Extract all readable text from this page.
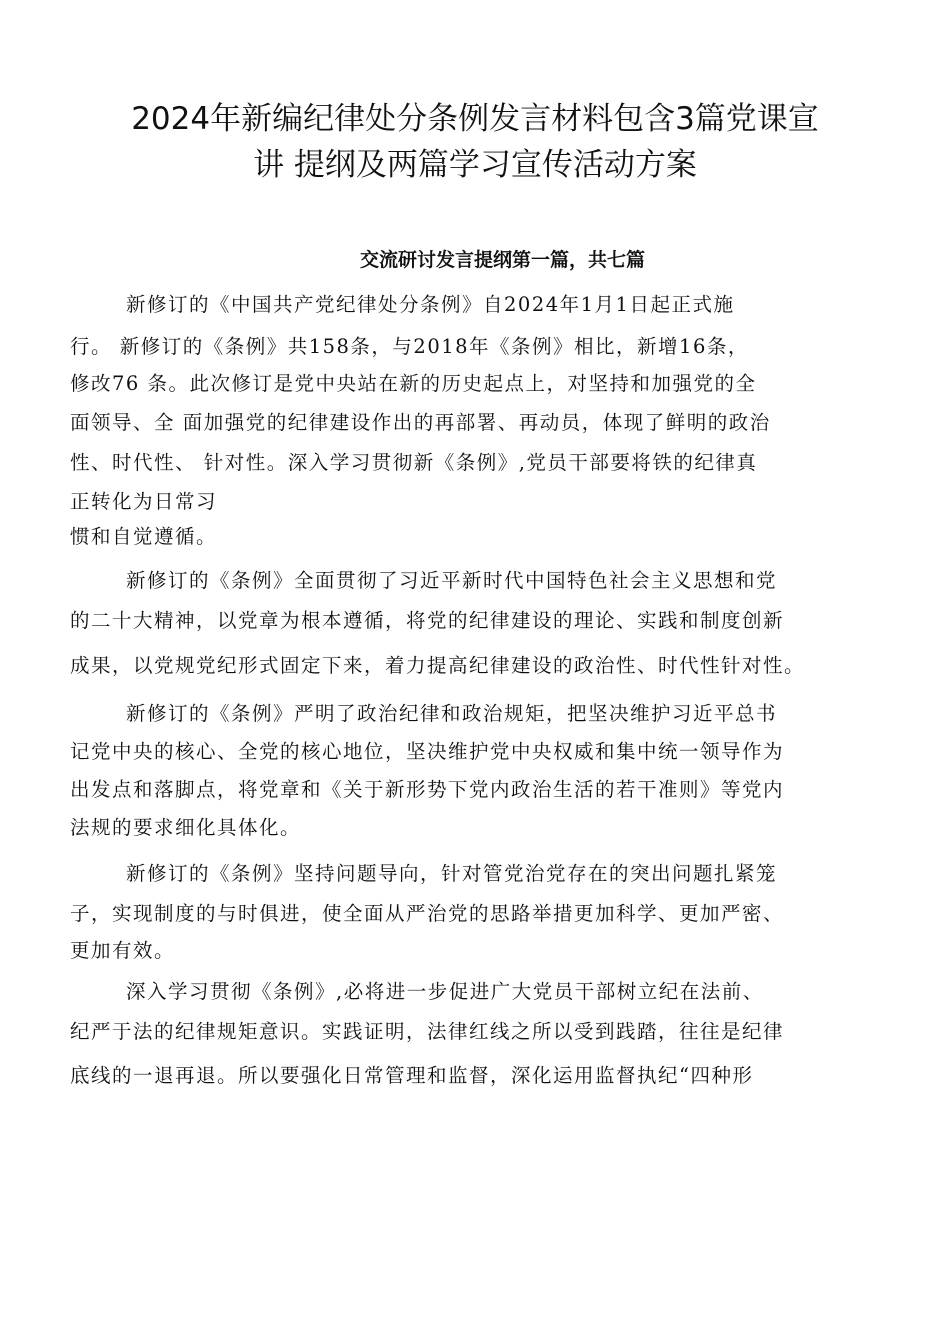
2024年新编纪律处分条例发言材料包含3篇党课宣
讲 提纲及两篇学习宣传活动方案
交流研讨发言提纲第一篇，共七篇
新修订的《中国共产党纪律处分条例》自2024年1月1日起正式施
行。 新修订的《条例》共158条，与2018年《条例》相比，新增16条，
修改76 条。此次修订是党中央站在新的历史起点上，对坚持和加强党的全
面领导、全 面加强党的纪律建设作出的再部署、再动员，体现了鲜明的政治
性、时代性、 针对性。深入学习贯彻新《条例》,党员干部要将铁的纪律真
正转化为日常习
惯和自觉遵循。
新修订的《条例》全面贯彻了习近平新时代中国特色社会主义思想和党
的二十大精神，以党章为根本遵循，将党的纪律建设的理论、实践和制度创新
成果，以党规党纪形式固定下来，着力提高纪律建设的政治性、时代性针对性。
新修订的《条例》严明了政治纪律和政治规矩，把坚决维护习近平总书
记党中央的核心、全党的核心地位，坚决维护党中央权威和集中统一领导作为
出发点和落脚点，将党章和《关于新形势下党内政治生活的若干准则》等党内
法规的要求细化具体化。
新修订的《条例》坚持问题导向，针对管党治党存在的突出问题扎紧笼
子，实现制度的与时俱进，使全面从严治党的思路举措更加科学、更加严密、
更加有效。
深入学习贯彻《条例》,必将进一步促进广大党员干部树立纪在法前、
纪严于法的纪律规矩意识。实践证明，法律红线之所以受到践踏，往往是纪律
底线的一退再退。所以要强化日常管理和监督，深化运用监督执纪“四种形
